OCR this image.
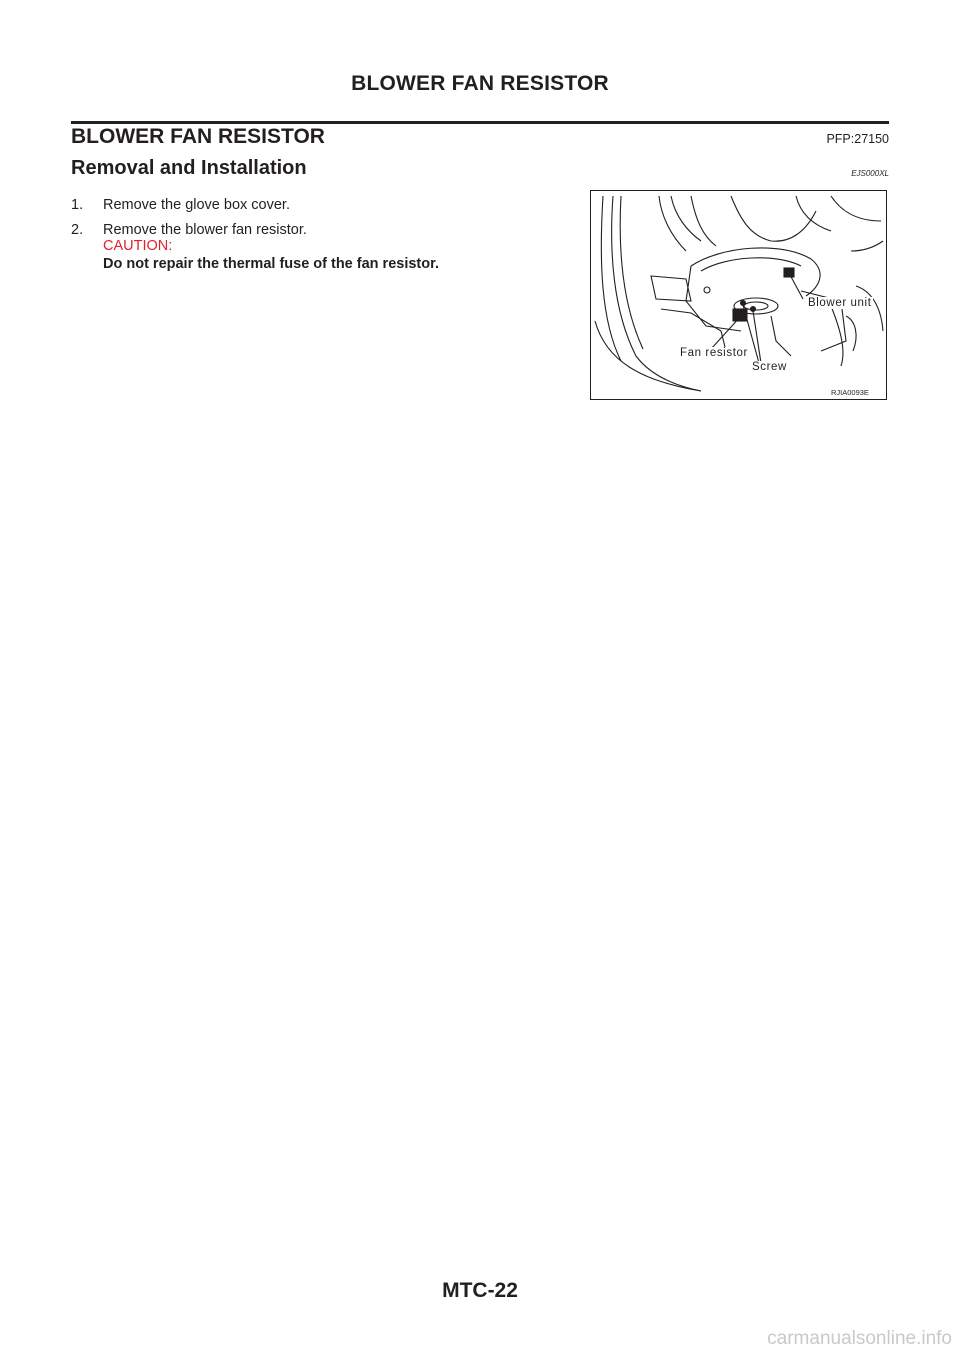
BLOWER FAN RESISTOR
BLOWER FAN RESISTOR	PFP:27150
Removal and Installation	EJS000XL
1. Remove the glove box cover.
2. Remove the blower fan resistor.
CAUTION:
Do not repair the thermal fuse of the fan resistor.
Blower unit
Fan resistor
Screw
RJIA0093E
MTC-22
carmanualsonline.info
